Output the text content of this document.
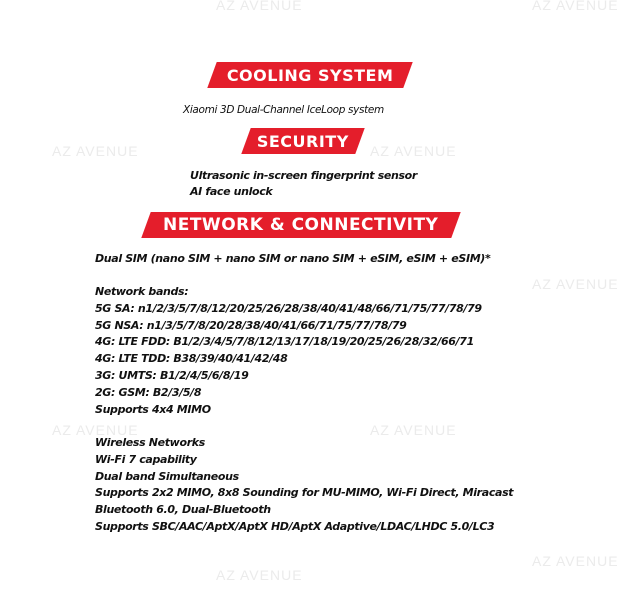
AZ AVENUE	AZ AVENUE
AZ AVENUE	AZ AVENUE
AZ AVENUE
AZ AVENUE	AZ AVENUE
AZ AVENUE
AZ AVENUE
COOLING SYSTEM

Xiaomi 3D Dual-Channel IceLoop system

SECURITY

Ultrasonic in-screen fingerprint sensor

AI face unlock

NETWORK & CONNECTIVITY

Dual SIM (nano SIM + nano SIM or nano SIM + eSIM, eSIM + eSIM)*

Network bands:
5G SA: n1/2/3/5/7/8/12/20/25/26/28/38/40/41/48/66/71/75/77/78/79
5G NSA: n1/3/5/7/8/20/28/38/40/41/66/71/75/77/78/79
4G: LTE FDD: B1/2/3/4/5/7/8/12/13/17/18/19/20/25/26/28/32/66/71
4G: LTE TDD: B38/39/40/41/42/48
3G: UMTS: B1/2/4/5/6/8/19
2G: GSM: B2/3/5/8
Supports 4x4 MIMO
Wireless Networks
Wi-Fi 7 capability
Dual band Simultaneous
Supports 2x2 MIMO, 8x8 Sounding for MU-MIMO, Wi-Fi Direct, Miracast
Bluetooth 6.0, Dual-Bluetooth
Supports SBC/AAC/AptX/AptX HD/AptX Adaptive/LDAC/LHDC 5.0/LC3
